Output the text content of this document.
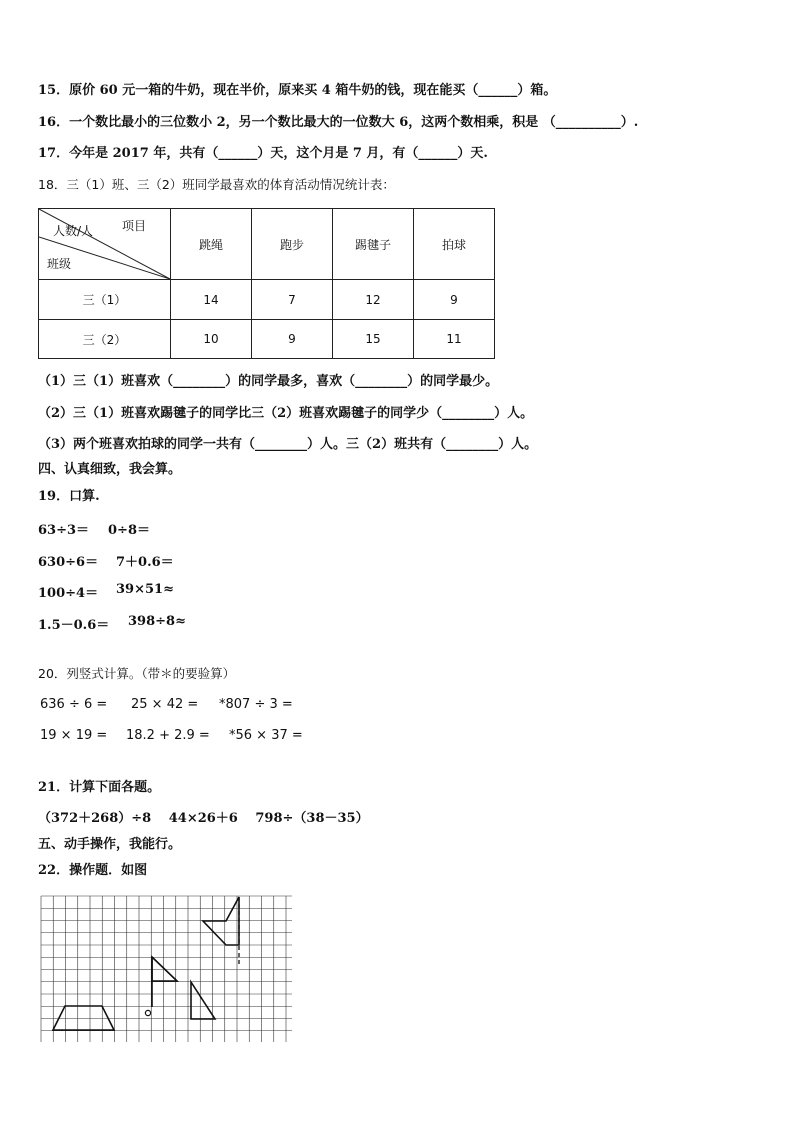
15．原价 60 元一箱的牛奶，现在半价，原来买 4 箱牛奶的钱，现在能买（______）箱。
16．一个数比最小的三位数小 2，另一个数比最大的一位数大 6，这两个数相乘，积是 （__________）.
17．今年是 2017 年，共有（______）天，这个月是 7 月，有（______）天.
18．三（1）班、三（2）班同学最喜欢的体育活动情况统计表：
项目
人数/人
班级	跳绳	跑步	踢毽子	拍球
三（1）	14	7	12	9
三（2）	10	9	15	11
（1）三（1）班喜欢（________）的同学最多，喜欢（________）的同学最少。
（2）三（1）班喜欢踢毽子的同学比三（2）班喜欢踢毽子的同学少（________）人。
（3）两个班喜欢拍球的同学一共有（________）人。三（2）班共有（________）人。
四、认真细致，我会算。
19．口算.
63÷3＝ 0÷8＝
630÷6＝ 7＋0.6＝
100÷4＝ 39×51≈
1.5－0.6＝ 398÷8≈
20．列竖式计算。（带＊的要验算）
636 ÷ 6 = 25 × 42 = *807 ÷ 3 =
19 × 19 = 18.2 + 2.9 = *56 × 37 =
21．计算下面各题。
（372＋268）÷8　 44×26＋6　 798÷（38－35）
五、动手操作，我能行。
22．操作题．如图
